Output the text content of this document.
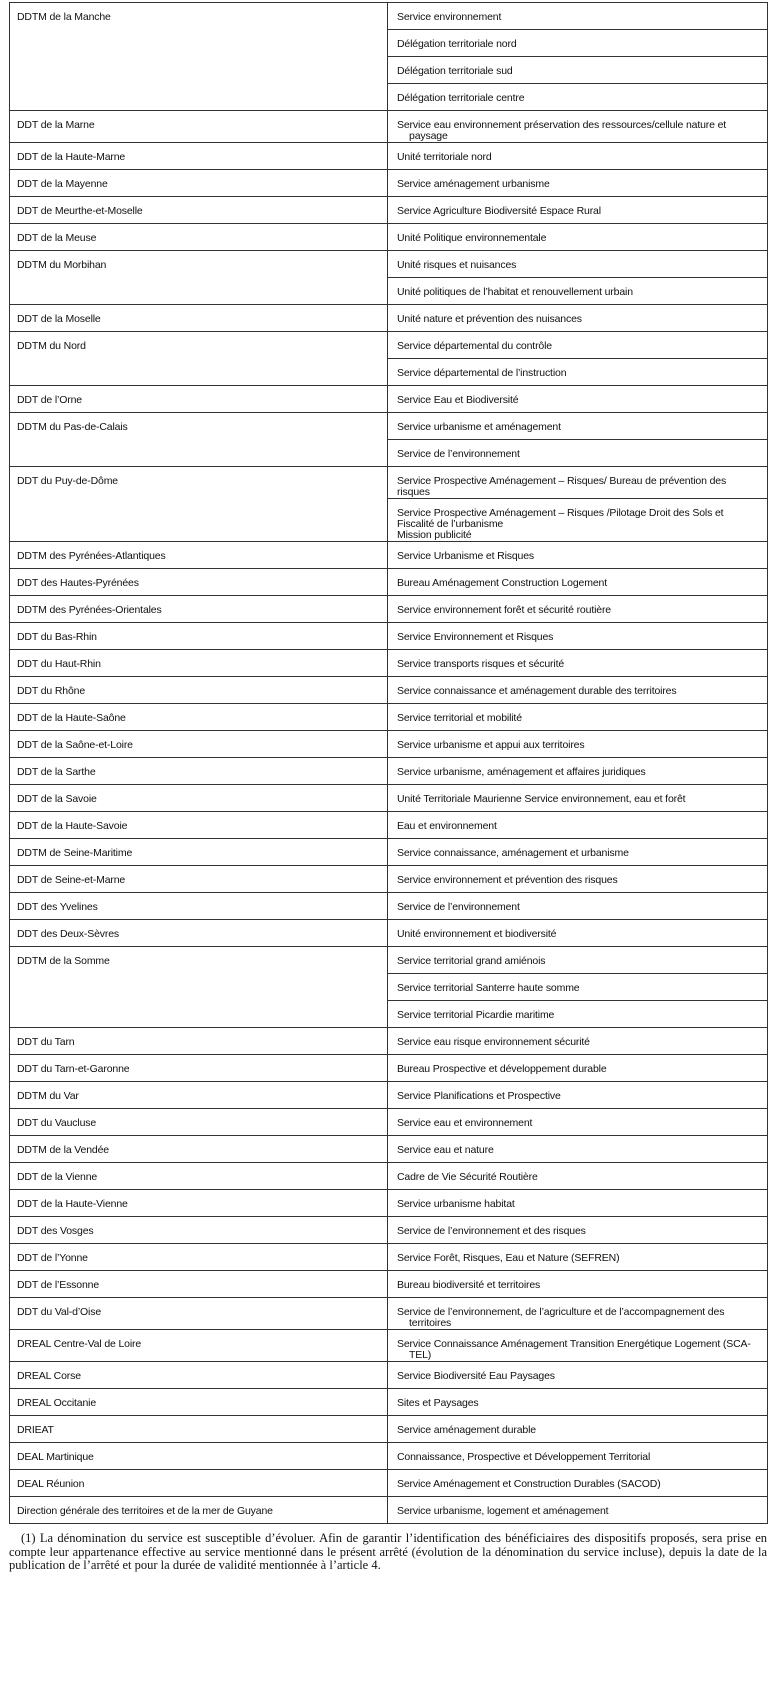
DDTM de la Manche	Service environnement

	Délégation territoriale nord

	Délégation territoriale sud

	Délégation territoriale centre

DDT de la Marne	Service eau environnement préservation des ressources/cellule nature et
paysage

DDT de la Haute-Marne	Unité territoriale nord

DDT de la Mayenne	Service aménagement urbanisme

DDT de Meurthe-et-Moselle	Service Agriculture Biodiversité Espace Rural

DDT de la Meuse	Unité Politique environnementale

DDTM du Morbihan	Unité risques et nuisances

	Unité politiques de l’habitat et renouvellement urbain

DDT de la Moselle	Unité nature et prévention des nuisances

DDTM du Nord	Service départemental du contrôle

	Service départemental de l’instruction

DDT de l’Orne	Service Eau et Biodiversité

DDTM du Pas-de-Calais	Service urbanisme et aménagement

	Service de l’environnement

DDT du Puy-de-Dôme	Service Prospective Aménagement – Risques/ Bureau de prévention des risques

	Service Prospective Aménagement – Risques /Pilotage Droit des Sols et
Fiscalité de l’urbanisme
Mission publicité

DDTM des Pyrénées-Atlantiques	Service Urbanisme et Risques

DDT des Hautes-Pyrénées	Bureau Aménagement Construction Logement

DDTM des Pyrénées-Orientales	Service environnement forêt et sécurité routière

DDT du Bas-Rhin	Service Environnement et Risques

DDT du Haut-Rhin	Service transports risques et sécurité

DDT du Rhône	Service connaissance et aménagement durable des territoires

DDT de la Haute-Saône	Service territorial et mobilité

DDT de la Saône-et-Loire	Service urbanisme et appui aux territoires

DDT de la Sarthe	Service urbanisme, aménagement et affaires juridiques

DDT de la Savoie	Unité Territoriale Maurienne Service environnement, eau et forêt

DDT de la Haute-Savoie	Eau et environnement

DDTM de Seine-Maritime	Service connaissance, aménagement et urbanisme

DDT de Seine-et-Marne	Service environnement et prévention des risques

DDT des Yvelines	Service de l’environnement

DDT des Deux-Sèvres	Unité environnement et biodiversité

DDTM de la Somme	Service territorial grand amiénois

	Service territorial Santerre haute somme

	Service territorial Picardie maritime

DDT du Tarn	Service eau risque environnement sécurité

DDT du Tarn-et-Garonne	Bureau Prospective et développement durable

DDTM du Var	Service Planifications et Prospective

DDT du Vaucluse	Service eau et environnement

DDTM de la Vendée	Service eau et nature

DDT de la Vienne	Cadre de Vie Sécurité Routière

DDT de la Haute-Vienne	Service urbanisme habitat

DDT des Vosges	Service de l’environnement et des risques

DDT de l’Yonne	Service Forêt, Risques, Eau et Nature (SEFREN)

DDT de l’Essonne	Bureau biodiversité et territoires

DDT du Val-d’Oise	Service de l’environnement, de l’agriculture et de l’accompagnement des
territoires

DREAL Centre-Val de Loire	Service Connaissance Aménagement Transition Energétique Logement (SCA-
TEL)

DREAL Corse	Service Biodiversité Eau Paysages

DREAL Occitanie	Sites et Paysages

DRIEAT	Service aménagement durable

DEAL Martinique	Connaissance, Prospective et Développement Territorial

DEAL Réunion	Service Aménagement et Construction Durables (SACOD)

Direction générale des territoires et de la mer de Guyane	Service urbanisme, logement et aménagement

(1) La dénomination du service est susceptible d’évoluer. Afin de garantir l’identification des bénéficiaires des dispositifs proposés, sera prise en compte leur appartenance effective au service mentionné dans le présent arrêté (évolution de la dénomination du service incluse), depuis la date de la publication de l’arrêté et pour la durée de validité mentionnée à l’article 4.
